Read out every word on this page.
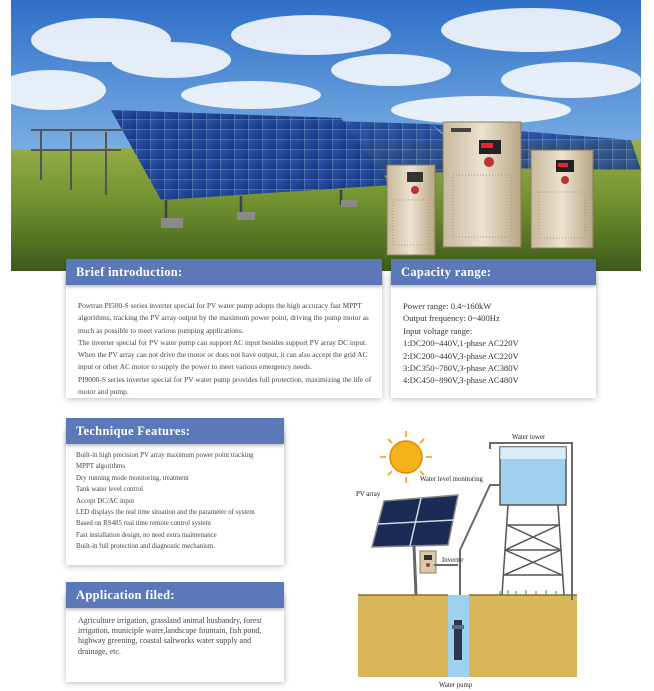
Powtran PI500-S series inverter special for PV water pump adopts the high accuracy fast MPPT algorithms, tracking the PV array output by the maximum power point, driving the pump motor as much as possible to meet various pumping applications.

The inverter special for PV water pump can support AC input besides support PV array DC input. When the PV array can not drive the motor or does not have output, it can also accept the grid AC input or other AC motor to supply the power to meet various emergency needs.

PI9000-S series inverter special for PV water pump provides full protection, maximizing the life of motor and pump.

Brief introduction:
Power range: 0.4~160kW
Output frequency: 0~400Hz
Input voltage range:
1:DC200~440V,1-phase AC220V
2:DC200~440V,3-phase AC220V
3:DC350~780V,3-phase AC380V
4:DC450~890V,3-phase AC480V
Capacity range:
Built-in high precision PV array maximum power point tracking
MPPT algorithms
Dry running mode monitoring, treatment
Tank water level control
Accept DC/AC input
LED displays the real time situation and the parameter of system
Based on RS485 real time remote control system
Fast installation design, no need extra maintenance
Built-in full protection and diagnostic mechanism.
Technique Features:
Agriculture irrigation, grassland animal husbandry, forest irrigation, municiple water,landscape fountain, fish pond, highway greening, coastal saltworks water supply and drainage, etc.
Application filed:
Water tower
Water level monitoring
PV array
Inverter
Water pump
